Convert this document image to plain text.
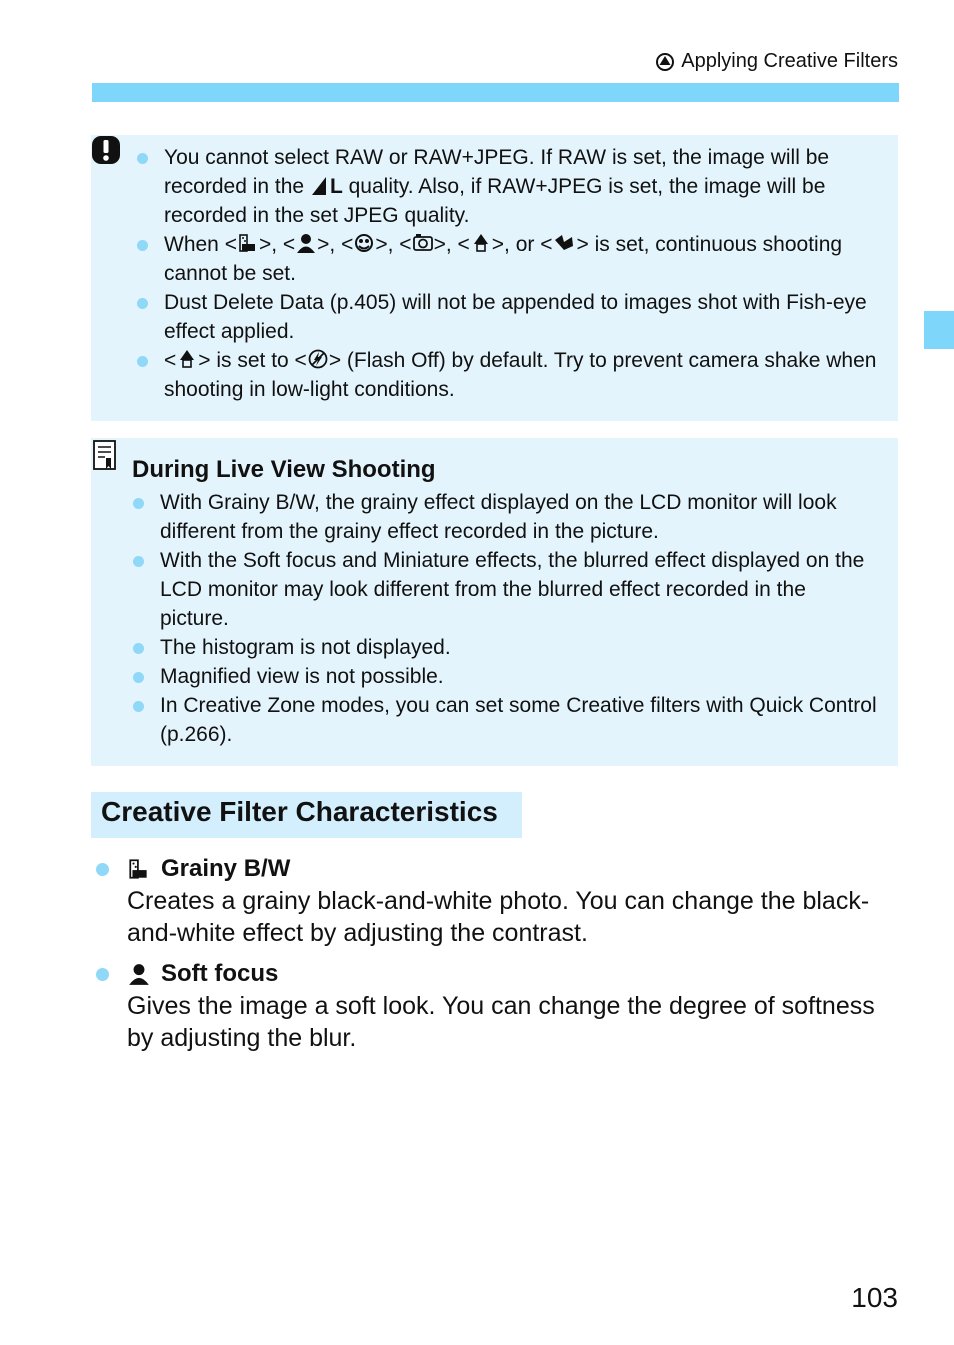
Applying Creative Filters
You cannot select RAW or RAW+JPEG. If RAW is set, the image will be recorded in the L quality. Also, if RAW+JPEG is set, the image will be recorded in the set JPEG quality.
When < >, < >, < >, < >, < >, or < > is set, continuous shooting cannot be set.
Dust Delete Data (p.405) will not be appended to images shot with Fish-eye effect applied.
< > is set to < > (Flash Off) by default. Try to prevent camera shake when shooting in low-light conditions.
During Live View Shooting
With Grainy B/W, the grainy effect displayed on the LCD monitor will look different from the grainy effect recorded in the picture.
With the Soft focus and Miniature effects, the blurred effect displayed on the LCD monitor may look different from the blurred effect recorded in the picture.
The histogram is not displayed.
Magnified view is not possible.
In Creative Zone modes, you can set some Creative filters with Quick Control (p.266).
Creative Filter Characteristics
Grainy B/W
Creates a grainy black-and-white photo. You can change the black-and-white effect by adjusting the contrast.
Soft focus
Gives the image a soft look. You can change the degree of softness by adjusting the blur.
103
